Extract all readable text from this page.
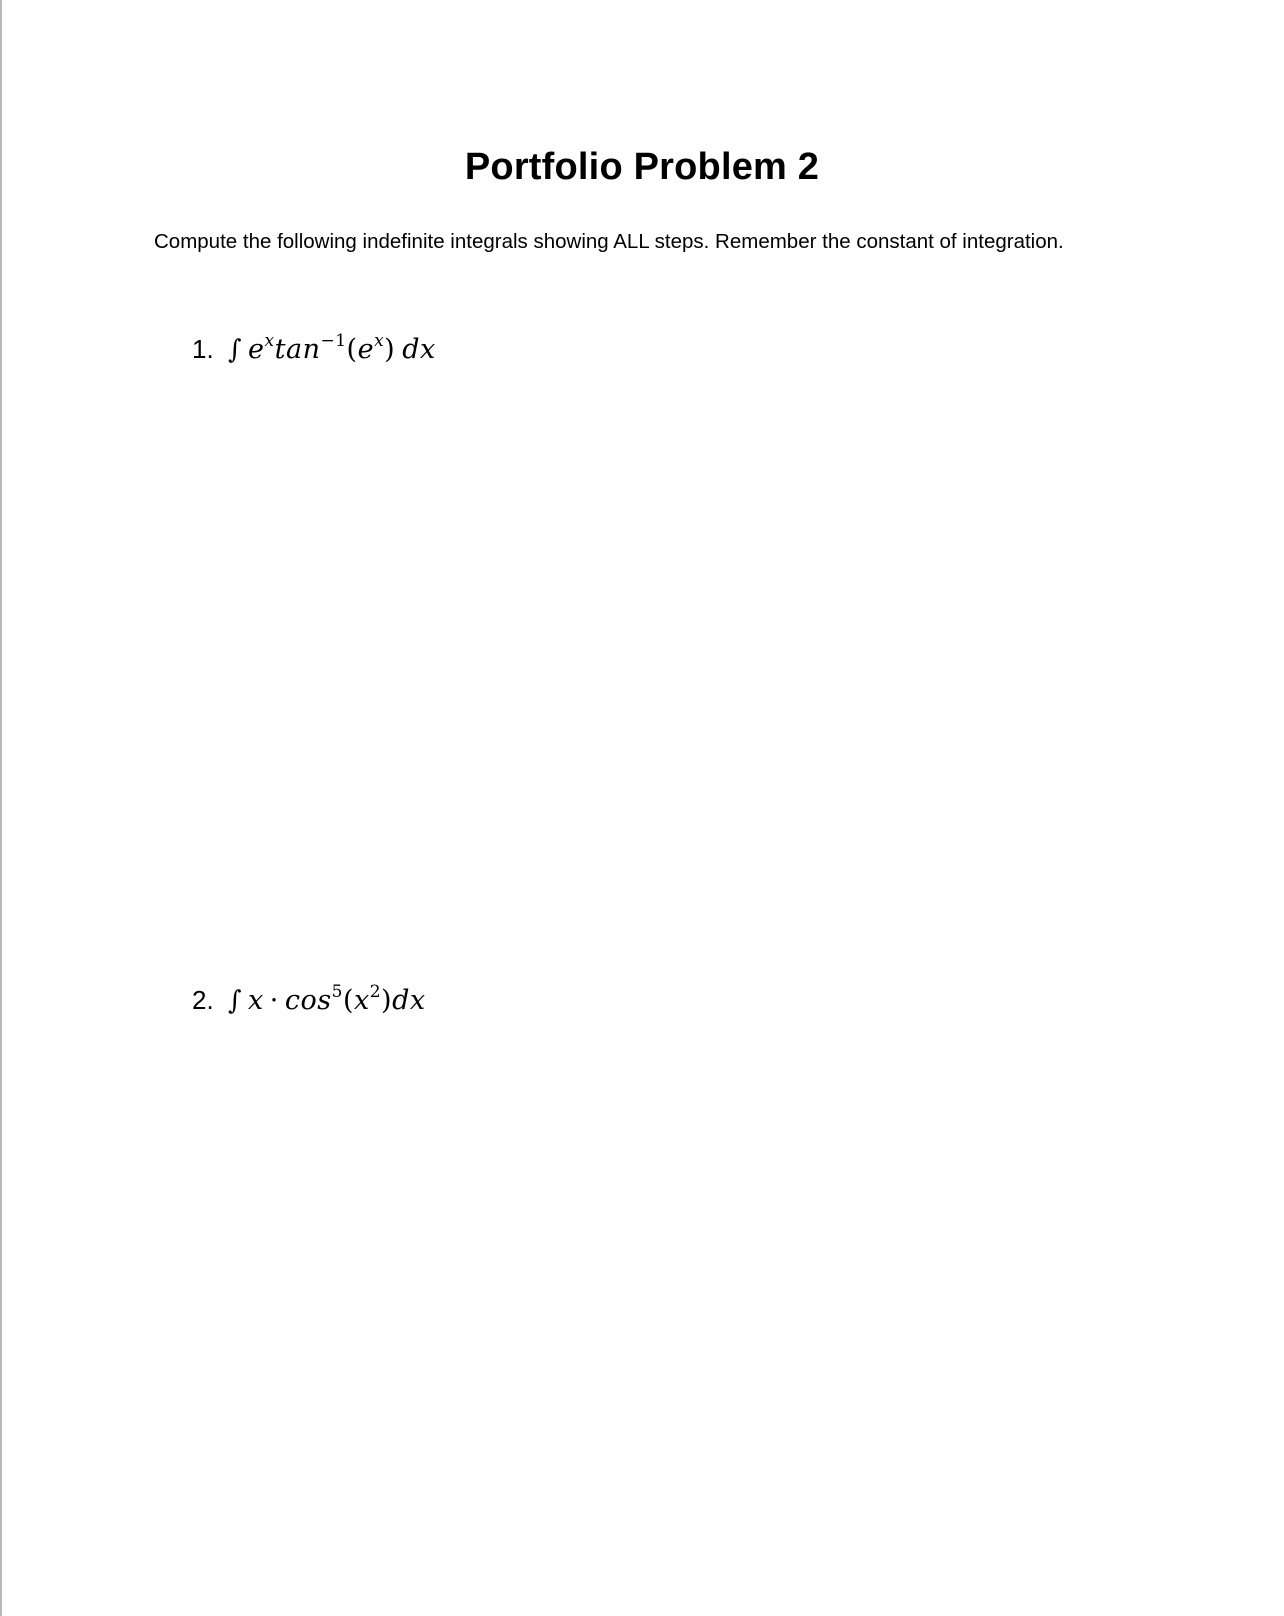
Portfolio Problem 2
Compute the following indefinite integrals showing ALL steps. Remember the constant of integration.
1. ∫ $e^x\tan^{-1}(e^x)$ dx
2. ∫ $x \cdot \cos^5(x^2)dx$
